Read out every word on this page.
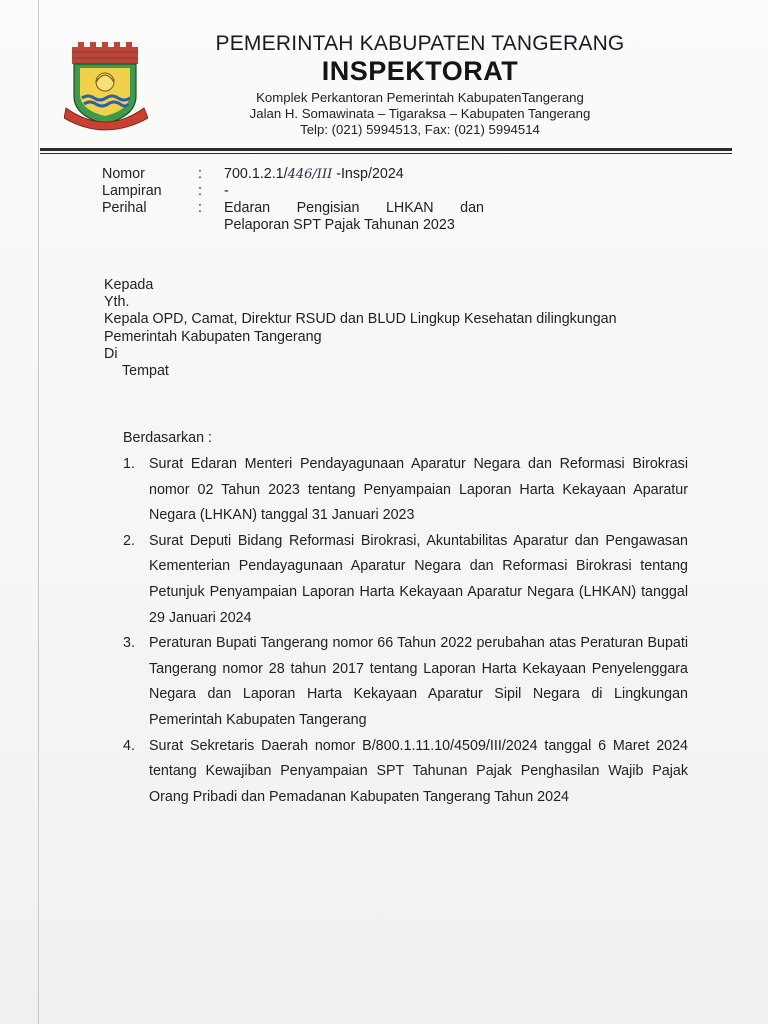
PEMERINTAH KABUPATEN TANGERANG
INSPEKTORAT
Komplek Perkantoran Pemerintah KabupatenTangerang
Jalan H. Somawinata – Tigaraksa – Kabupaten Tangerang
Telp: (021) 5994513, Fax: (021) 5994514
Nomor	:	700.1.2.1/446/III -Insp/2024
Lampiran	:	-
Perihal	:	Edaran Pengisian LHKAN dan
Pelaporan SPT Pajak Tahunan 2023
Kepada
Yth.
Kepala OPD, Camat, Direktur RSUD dan BLUD Lingkup Kesehatan dilingkungan
Pemerintah Kabupaten Tangerang
Di
Tempat
Berdasarkan :
1. Surat Edaran Menteri Pendayagunaan Aparatur Negara dan Reformasi Birokrasi nomor 02 Tahun 2023 tentang Penyampaian Laporan Harta Kekayaan Aparatur Negara (LHKAN) tanggal 31 Januari 2023
2. Surat Deputi Bidang Reformasi Birokrasi, Akuntabilitas Aparatur dan Pengawasan Kementerian Pendayagunaan Aparatur Negara dan Reformasi Birokrasi tentang Petunjuk Penyampaian Laporan Harta Kekayaan Aparatur Negara (LHKAN) tanggal 29 Januari 2024
3. Peraturan Bupati Tangerang nomor 66 Tahun 2022 perubahan atas Peraturan Bupati Tangerang nomor 28 tahun 2017 tentang Laporan Harta Kekayaan Penyelenggara Negara dan Laporan Harta Kekayaan Aparatur Sipil Negara di Lingkungan Pemerintah Kabupaten Tangerang
4. Surat Sekretaris Daerah nomor B/800.1.11.10/4509/III/2024 tanggal 6 Maret 2024 tentang Kewajiban Penyampaian SPT Tahunan Pajak Penghasilan Wajib Pajak Orang Pribadi dan Pemadanan Kabupaten Tangerang Tahun 2024
